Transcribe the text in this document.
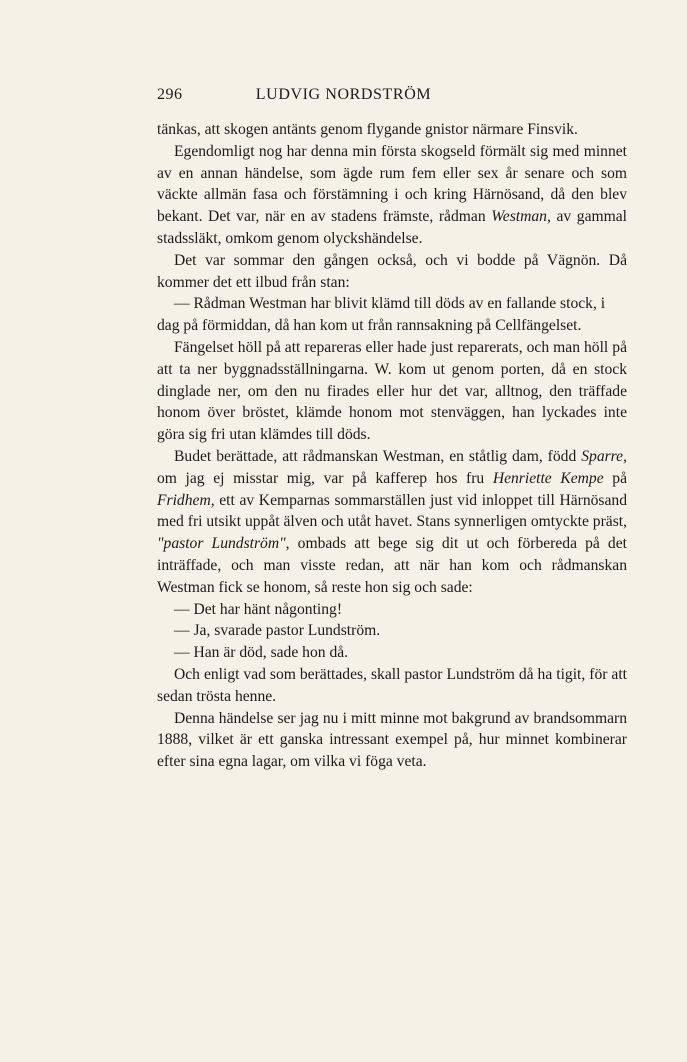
296	LUDVIG NORDSTRÖM

tänkas, att skogen antänts genom flygande gnistor närmare Finsvik.

Egendomligt nog har denna min första skogseld förmält sig med minnet av en annan händelse, som ägde rum fem eller sex år senare och som väckte allmän fasa och förstämning i och kring Härnösand, då den blev bekant. Det var, när en av stadens främste, rådman Westman, av gammal stadssläkt, omkom genom olyckshändelse.

Det var sommar den gången också, och vi bodde på Vägnön. Då kommer det ett ilbud från stan:

— Rådman Westman har blivit klämd till döds av en fallande stock, i dag på förmiddan, då han kom ut från rannsakning på Cellfängelset.

Fängelset höll på att repareras eller hade just reparerats, och man höll på att ta ner byggnadsställningarna. W. kom ut genom porten, då en stock dinglade ner, om den nu firades eller hur det var, alltnog, den träffade honom över bröstet, klämde honom mot stenväggen, han lyckades inte göra sig fri utan klämdes till döds.

Budet berättade, att rådmanskan Westman, en ståtlig dam, född Sparre, om jag ej misstar mig, var på kafferep hos fru Henriette Kempe på Fridhem, ett av Kemparnas sommarställen just vid inloppet till Härnösand med fri utsikt uppåt älven och utåt havet. Stans synnerligen omtyckte präst, "pastor Lundström", ombads att bege sig dit ut och förbereda på det inträffade, och man visste redan, att när han kom och rådmanskan Westman fick se honom, så reste hon sig och sade:

— Det har hänt någonting!

— Ja, svarade pastor Lundström.

— Han är död, sade hon då.

Och enligt vad som berättades, skall pastor Lundström då ha tigit, för att sedan trösta henne.

Denna händelse ser jag nu i mitt minne mot bakgrund av brandsommarn 1888, vilket är ett ganska intressant exempel på, hur minnet kombinerar efter sina egna lagar, om vilka vi föga veta.
